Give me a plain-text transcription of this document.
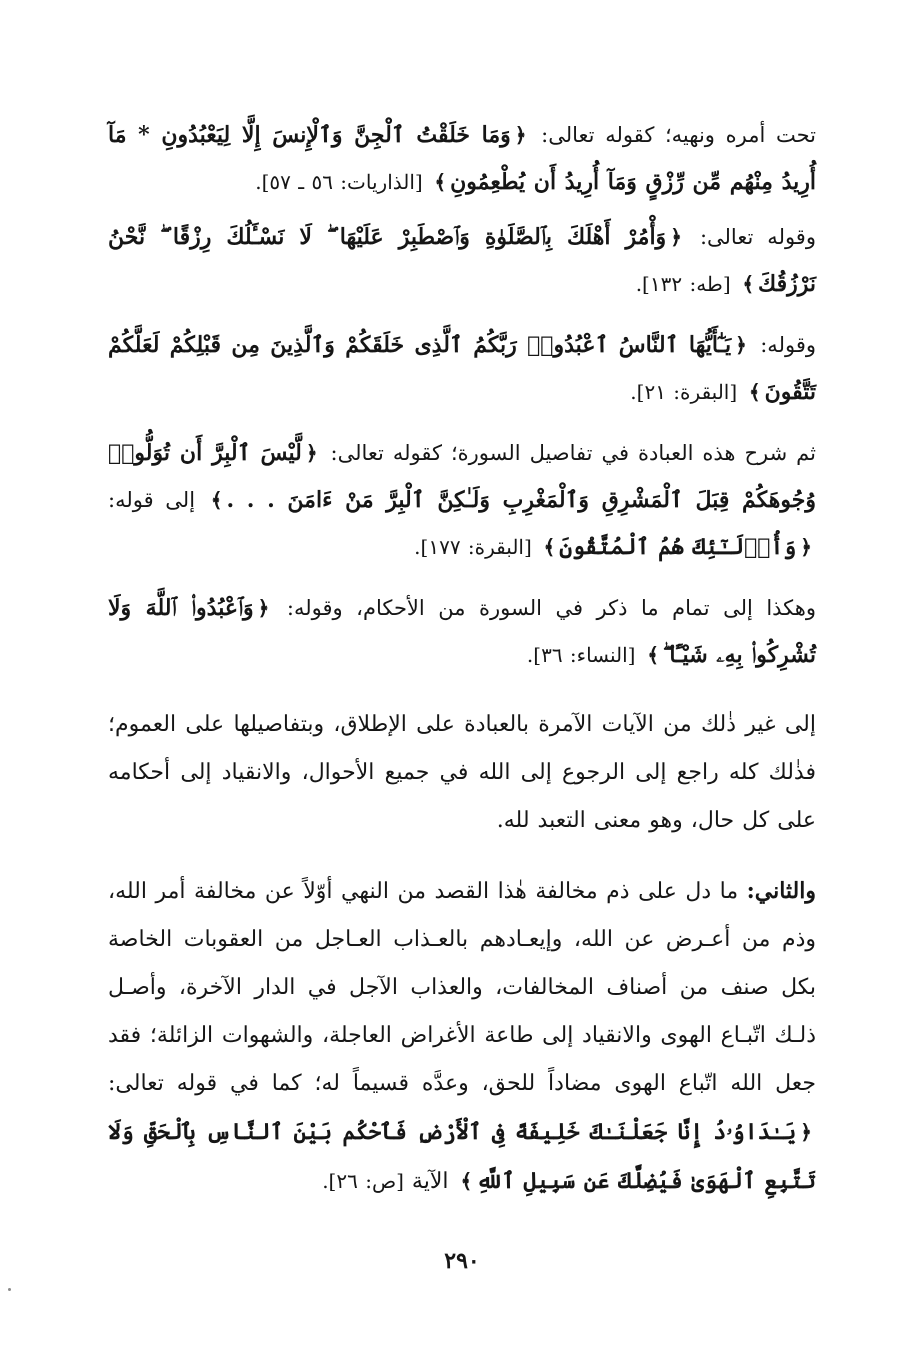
تحت أمره ونهيه؛ كقوله تعالى: ﴿وَمَا خَلَقْتُ ٱلْجِنَّ وَٱلْإِنسَ إِلَّا لِيَعْبُدُونِ * مَآ أُرِيدُ مِنْهُم مِّن رِّزْقٍ وَمَآ أُرِيدُ أَن يُطْعِمُونِ﴾ [الذاريات: ٥٦ ـ ٥٧].

وقوله تعالى: ﴿وَأْمُرْ أَهْلَكَ بِٱلصَّلَوٰةِ وَٱصْطَبِرْ عَلَيْهَا ۖ لَا نَسْـَٔلُكَ رِزْقًا ۖ نَّحْنُ نَرْزُقُكَ﴾ [طه: ١٣٢].

وقوله: ﴿يَـٰٓأَيُّهَا ٱلنَّاسُ ٱعْبُدُوا۟ رَبَّكُمُ ٱلَّذِى خَلَقَكُمْ وَٱلَّذِينَ مِن قَبْلِكُمْ لَعَلَّكُمْ تَتَّقُونَ﴾ [البقرة: ٢١].

ثم شرح هذه العبادة في تفاصيل السورة؛ كقوله تعالى: ﴿لَّيْسَ ٱلْبِرَّ أَن تُوَلُّوا۟ وُجُوهَكُمْ قِبَلَ ٱلْمَشْرِقِ وَٱلْمَغْرِبِ وَلَـٰكِنَّ ٱلْبِرَّ مَنْ ءَامَنَ . . .﴾ إلى قوله: ﴿وَأُو۟لَـٰٓئِكَ هُمُ ٱلْمُتَّقُونَ﴾ [البقرة: ١٧٧].

وهكذا إلى تمام ما ذكر في السورة من الأحكام، وقوله: ﴿وَٱعْبُدُوا۟ ٱللَّهَ وَلَا تُشْرِكُوا۟ بِهِۦ شَيْـًٔا ۖ﴾ [النساء: ٣٦].

إلى غير ذٰلك من الآيات الآمرة بالعبادة على الإطلاق، وبتفاصيلها على العموم؛ فذٰلك كله راجع إلى الرجوع إلى الله في جميع الأحوال، والانقياد إلى أحكامه على كل حال، وهو معنى التعبد لله.

والثاني: ما دل على ذم مخالفة هٰذا القصد من النهي أوّلاً عن مخالفة أمر الله، وذم من أعـرض عن الله، وإيعـادهم بالعـذاب العـاجل من العقوبات الخاصة بكل صنف من أصناف المخالفات، والعذاب الآجل في الدار الآخرة، وأصـل ذلـك اتّبـاع الهوى والانقياد إلى طاعة الأغراض العاجلة، والشهوات الزائلة؛ فقد جعل الله اتّباع الهوى مضاداً للحق، وعدَّه قسيماً له؛ كما في قوله تعالى: ﴿يَـٰدَاوُۥدُ إِنَّا جَعَلْنَـٰكَ خَلِيفَةً فِى ٱلْأَرْضِ فَٱحْكُم بَيْنَ ٱلنَّاسِ بِٱلْحَقِّ وَلَا تَتَّبِعِ ٱلْهَوَىٰ فَيُضِلَّكَ عَن سَبِيلِ ٱللَّهِ﴾ الآية [ص: ٢٦].

٢٩٠
